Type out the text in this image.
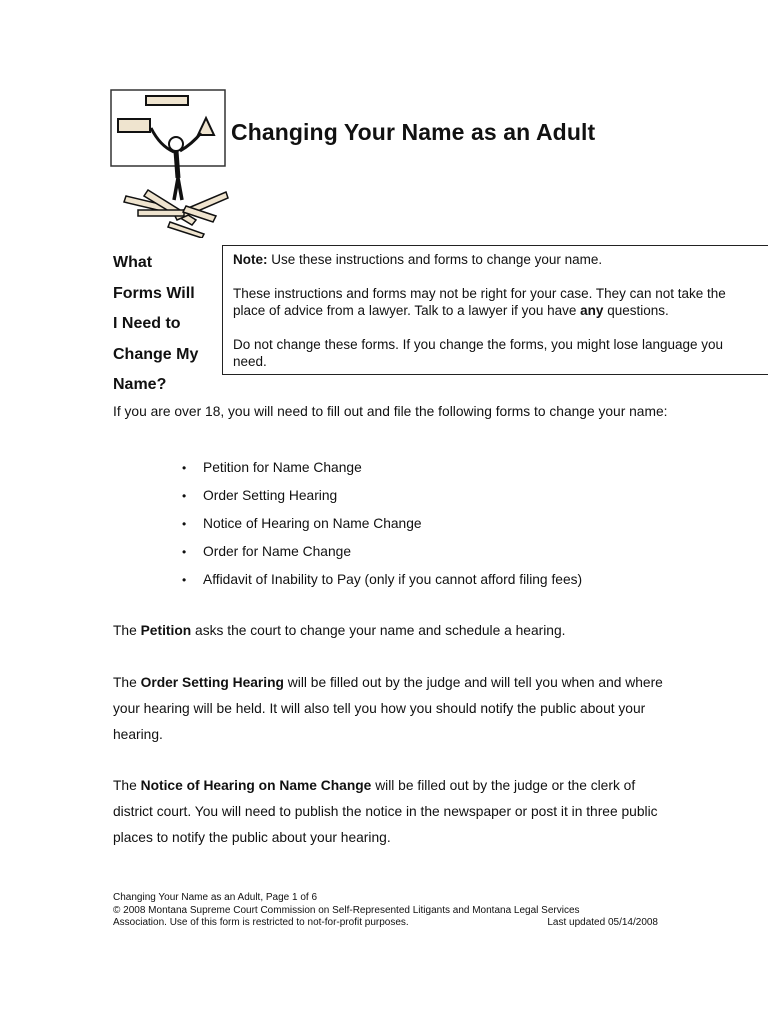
Changing Your Name as an Adult
What
Forms Will
I Need to
Change My
Name?

Note: Use these instructions and forms to change your name.

These instructions and forms may not be right for your case. They can not take the place of advice from a lawyer. Talk to a lawyer if you have any questions.

Do not change these forms. If you change the forms, you might lose language you need.

If you are over 18, you will need to fill out and file the following forms to change your name:

• Petition for Name Change
• Order Setting Hearing
• Notice of Hearing on Name Change
• Order for Name Change
• Affidavit of Inability to Pay (only if you cannot afford filing fees)

The Petition asks the court to change your name and schedule a hearing.

The Order Setting Hearing will be filled out by the judge and will tell you when and where your hearing will be held. It will also tell you how you should notify the public about your hearing.

The Notice of Hearing on Name Change will be filled out by the judge or the clerk of district court. You will need to publish the notice in the newspaper or post it in three public places to notify the public about your hearing.

Changing Your Name as an Adult, Page 1 of 6
© 2008 Montana Supreme Court Commission on Self-Represented Litigants and Montana Legal Services
Association. Use of this form is restricted to not-for-profit purposes.	Last updated 05/14/2008
